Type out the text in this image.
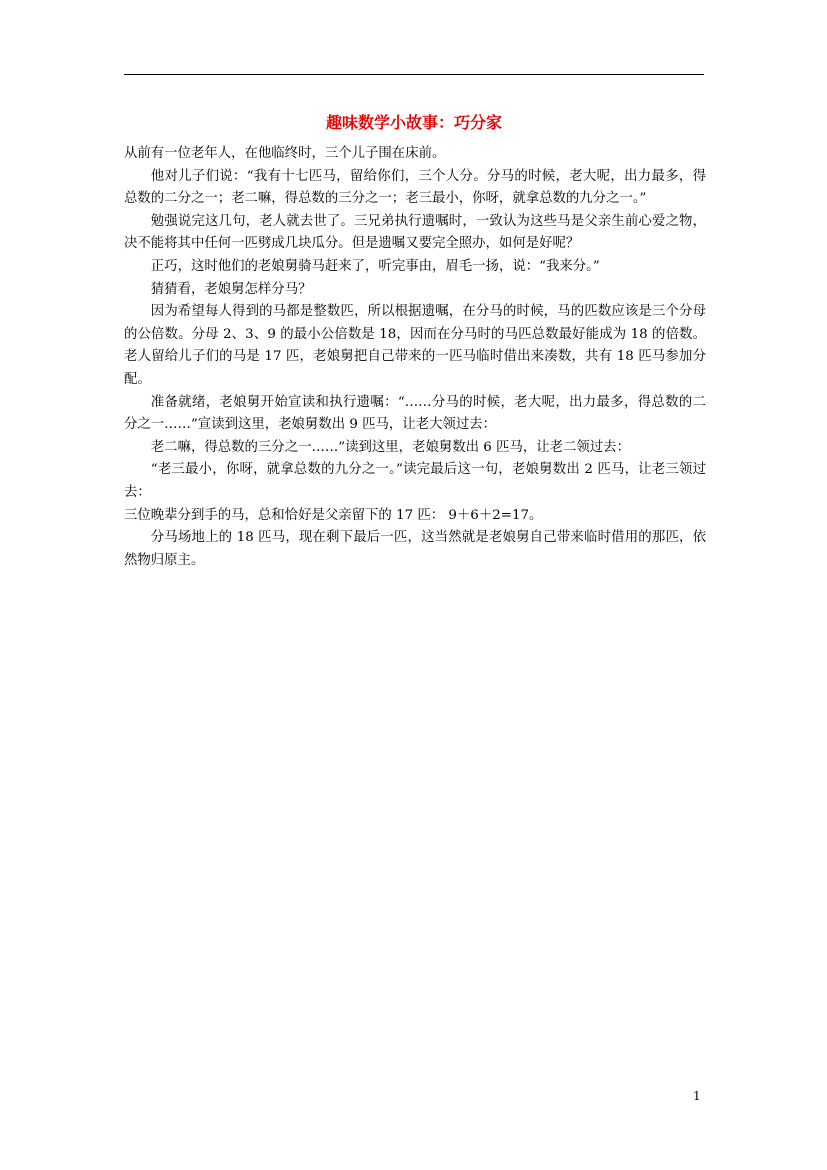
趣味数学小故事：巧分家

从前有一位老年人，在他临终时，三个儿子围在床前。

他对儿子们说：“我有十七匹马，留给你们，三个人分。分马的时候，老大呢，出力最多，得总数的二分之一；老二嘛，得总数的三分之一；老三最小，你呀，就拿总数的九分之一。”

勉强说完这几句，老人就去世了。三兄弟执行遗嘱时，一致认为这些马是父亲生前心爱之物，决不能将其中任何一匹劈成几块瓜分。但是遗嘱又要完全照办，如何是好呢？

正巧，这时他们的老娘舅骑马赶来了，听完事由，眉毛一扬，说：“我来分。”

猜猜看，老娘舅怎样分马？

因为希望每人得到的马都是整数匹，所以根据遗嘱，在分马的时候，马的匹数应该是三个分母的公倍数。分母 2、3、9 的最小公倍数是 18，因而在分马时的马匹总数最好能成为 18 的倍数。老人留给儿子们的马是 17 匹，老娘舅把自己带来的一匹马临时借出来凑数，共有 18 匹马参加分配。

准备就绪，老娘舅开始宣读和执行遗嘱：“……分马的时候，老大呢，出力最多，得总数的二分之一……”宣读到这里，老娘舅数出 9 匹马，让老大领过去：

老二嘛，得总数的三分之一……”读到这里，老娘舅数出 6 匹马，让老二领过去：

“老三最小，你呀，就拿总数的九分之一。”读完最后这一句，老娘舅数出 2 匹马，让老三领过去：

三位晚辈分到手的马，总和恰好是父亲留下的 17 匹： 9＋6＋2=17。

分马场地上的 18 匹马，现在剩下最后一匹，这当然就是老娘舅自己带来临时借用的那匹，依然物归原主。

1
